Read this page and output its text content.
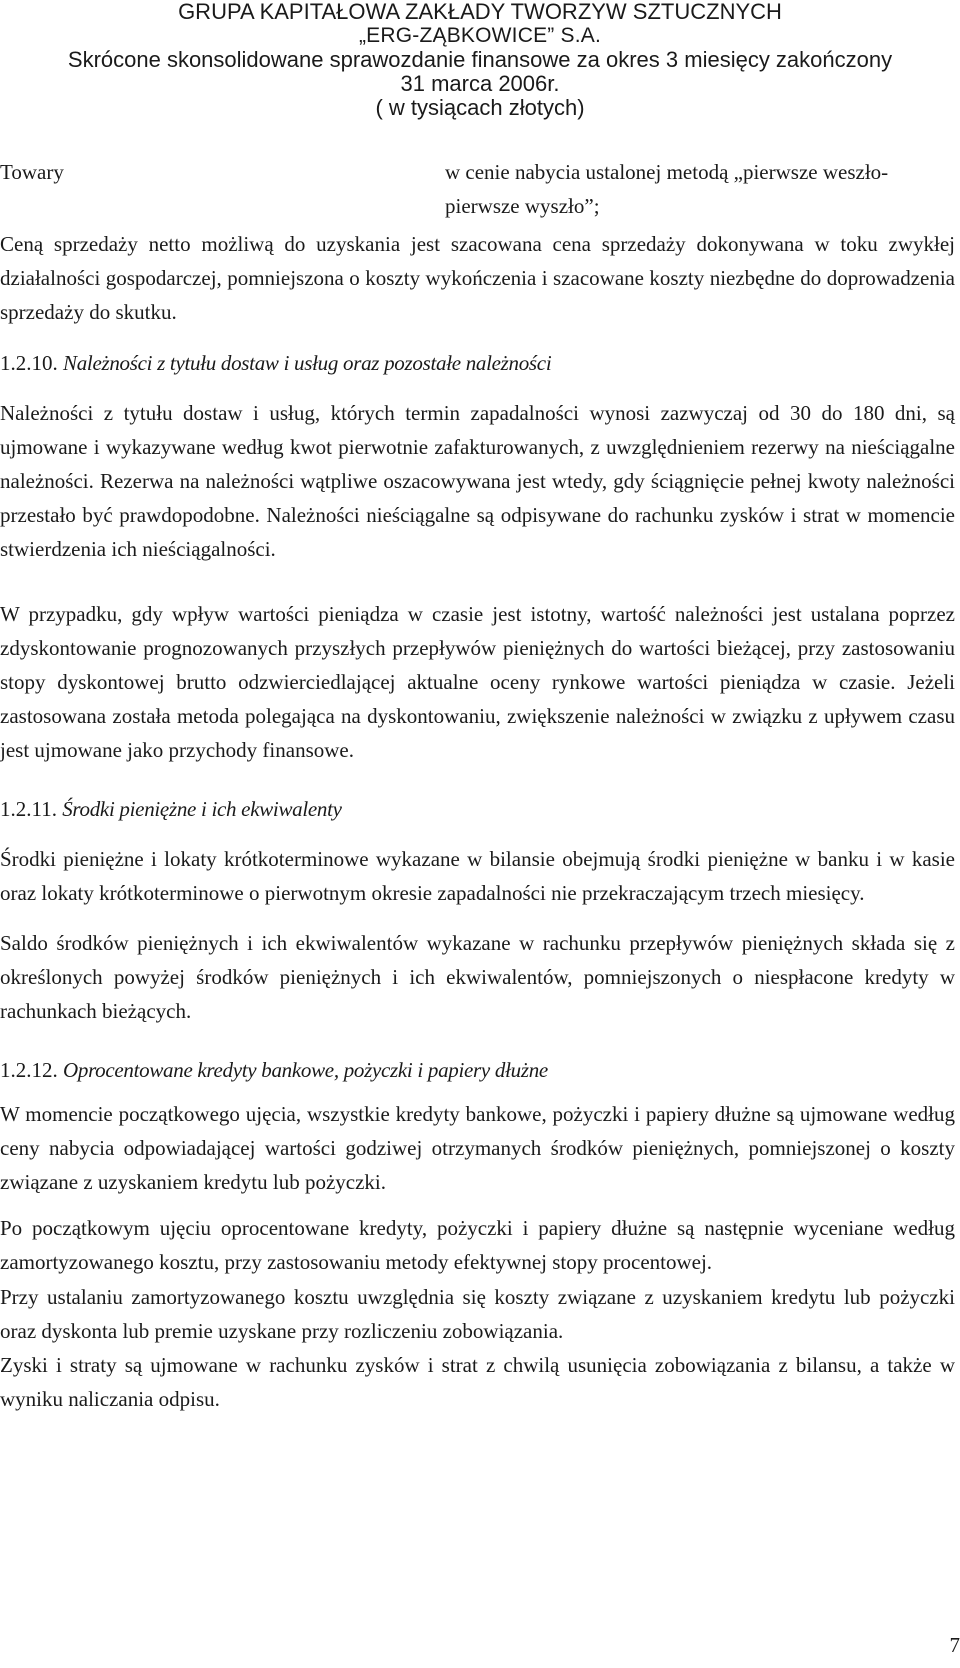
GRUPA KAPITAŁOWA ZAKŁADY TWORZYW SZTUCZNYCH
„ERG-ZĄBKOWICE” S.A.
Skrócone skonsolidowane sprawozdanie finansowe za okres 3 miesięcy zakończony
31 marca 2006r.
( w tysiącach złotych)
Towary	w cenie nabycia ustalonej metodą „pierwsze weszło-pierwsze wyszło”;

Ceną sprzedaży netto możliwą do uzyskania jest szacowana cena sprzedaży dokonywana w toku zwykłej działalności gospodarczej, pomniejszona o koszty wykończenia i szacowane koszty niezbędne do doprowadzenia sprzedaży do skutku.

1.2.10. Należności z tytułu dostaw i usług oraz pozostałe należności

Należności z tytułu dostaw i usług, których termin zapadalności wynosi zazwyczaj od 30 do 180 dni, są ujmowane i wykazywane według kwot pierwotnie zafakturowanych, z uwzględnieniem rezerwy na nieściągalne należności. Rezerwa na należności wątpliwe oszacowywana jest wtedy, gdy ściągnięcie pełnej kwoty należności przestało być prawdopodobne. Należności nieściągalne są odpisywane do rachunku zysków i strat w momencie stwierdzenia ich nieściągalności.

W przypadku, gdy wpływ wartości pieniądza w czasie jest istotny, wartość należności jest ustalana poprzez zdyskontowanie prognozowanych przyszłych przepływów pieniężnych do wartości bieżącej, przy zastosowaniu stopy dyskontowej brutto odzwierciedlającej aktualne oceny rynkowe wartości pieniądza w czasie. Jeżeli zastosowana została metoda polegająca na dyskontowaniu, zwiększenie należności w związku z upływem czasu jest ujmowane jako przychody finansowe.

1.2.11. Środki pieniężne i ich ekwiwalenty

Środki pieniężne i lokaty krótkoterminowe wykazane w bilansie obejmują środki pieniężne w banku i w kasie oraz lokaty krótkoterminowe o pierwotnym okresie zapadalności nie przekraczającym trzech miesięcy.

Saldo środków pieniężnych i ich ekwiwalentów wykazane w rachunku przepływów pieniężnych składa się z określonych powyżej środków pieniężnych i ich ekwiwalentów, pomniejszonych o niespłacone kredyty w rachunkach bieżących.

1.2.12. Oprocentowane kredyty bankowe, pożyczki i papiery dłużne

W momencie początkowego ujęcia, wszystkie kredyty bankowe, pożyczki i papiery dłużne są ujmowane według ceny nabycia odpowiadającej wartości godziwej otrzymanych środków pieniężnych, pomniejszonej o koszty związane z uzyskaniem kredytu lub pożyczki.

Po początkowym ujęciu oprocentowane kredyty, pożyczki i papiery dłużne są następnie wyceniane według zamortyzowanego kosztu, przy zastosowaniu metody efektywnej stopy procentowej.

Przy ustalaniu zamortyzowanego kosztu uwzględnia się koszty związane z uzyskaniem kredytu lub pożyczki oraz dyskonta lub premie uzyskane przy rozliczeniu zobowiązania.

Zyski i straty są ujmowane w rachunku zysków i strat z chwilą usunięcia zobowiązania z bilansu, a także w wyniku naliczania odpisu.

7
